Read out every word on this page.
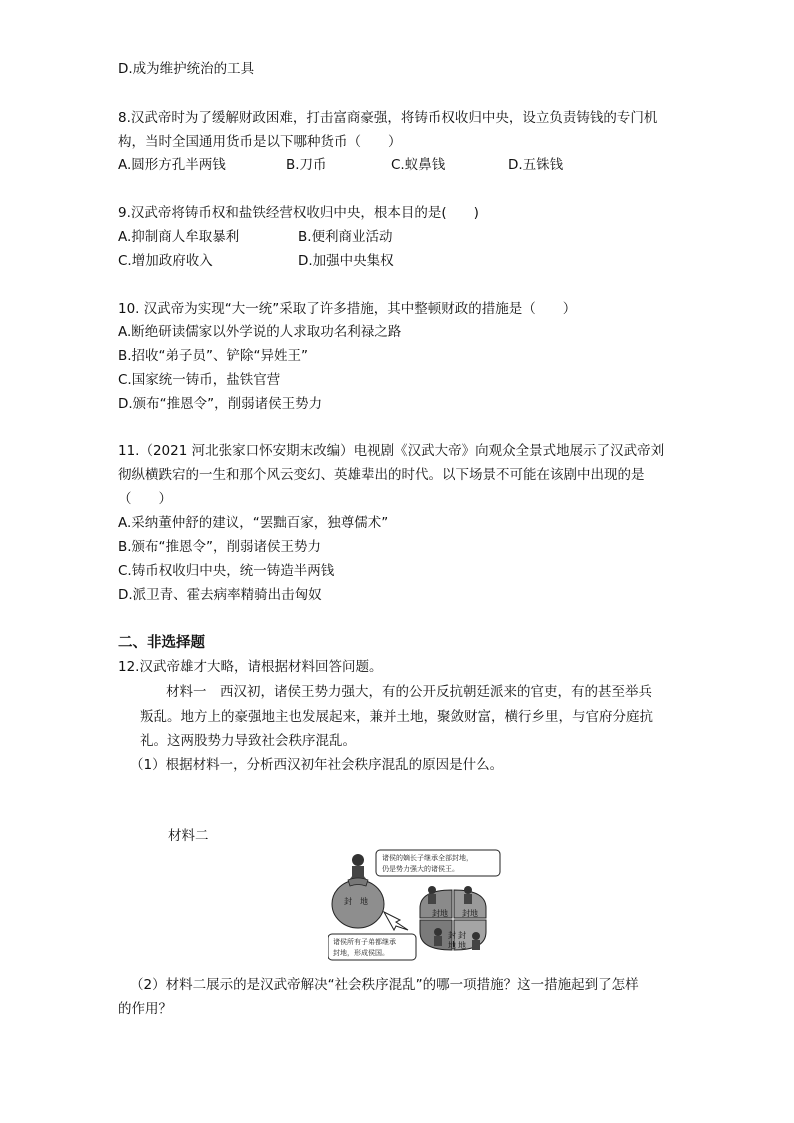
D.成为维护统治的工具
8.汉武帝时为了缓解财政困难，打击富商豪强，将铸币权收归中央，设立负责铸钱的专门机
构，当时全国通用货币是以下哪种货币（　　）
A.圆形方孔半两钱	B.刀币	C.蚁鼻钱	D.五铢钱
9.汉武帝将铸币权和盐铁经营权收归中央，根本目的是(　　)
A.抑制商人牟取暴利	B.便利商业活动
C.增加政府收入	D.加强中央集权
10. 汉武帝为实现“大一统”采取了许多措施，其中整顿财政的措施是（　　）
A.断绝研读儒家以外学说的人求取功名利禄之路
B.招收“弟子员”、铲除“异姓王”
C.国家统一铸币，盐铁官营
D.颁布“推恩令”，削弱诸侯王势力
11.（2021 河北张家口怀安期末改编）电视剧《汉武大帝》向观众全景式地展示了汉武帝刘
彻纵横跌宕的一生和那个风云变幻、英雄辈出的时代。以下场景不可能在该剧中出现的是
（　　）
A.采纳董仲舒的建议，“罢黜百家，独尊儒术”
B.颁布“推恩令”，削弱诸侯王势力
C.铸币权收归中央，统一铸造半两钱
D.派卫青、霍去病率精骑出击匈奴
二、非选择题
12.汉武帝雄才大略，请根据材料回答问题。
材料一　西汉初，诸侯王势力强大，有的公开反抗朝廷派来的官吏，有的甚至举兵
叛乱。地方上的豪强地主也发展起来，兼并土地，聚敛财富，横行乡里，与官府分庭抗
礼。这两股势力导致社会秩序混乱。
（1）根据材料一，分析西汉初年社会秩序混乱的原因是什么。
材料二
诸侯的嫡长子继承全部封地，
仍是势力强大的诸侯王。
封　地
封地 封地
封
地
封
地
诸侯所有子弟都继承
封地，形成侯国。
（2）材料二展示的是汉武帝解决“社会秩序混乱”的哪一项措施？这一措施起到了怎样
的作用？
